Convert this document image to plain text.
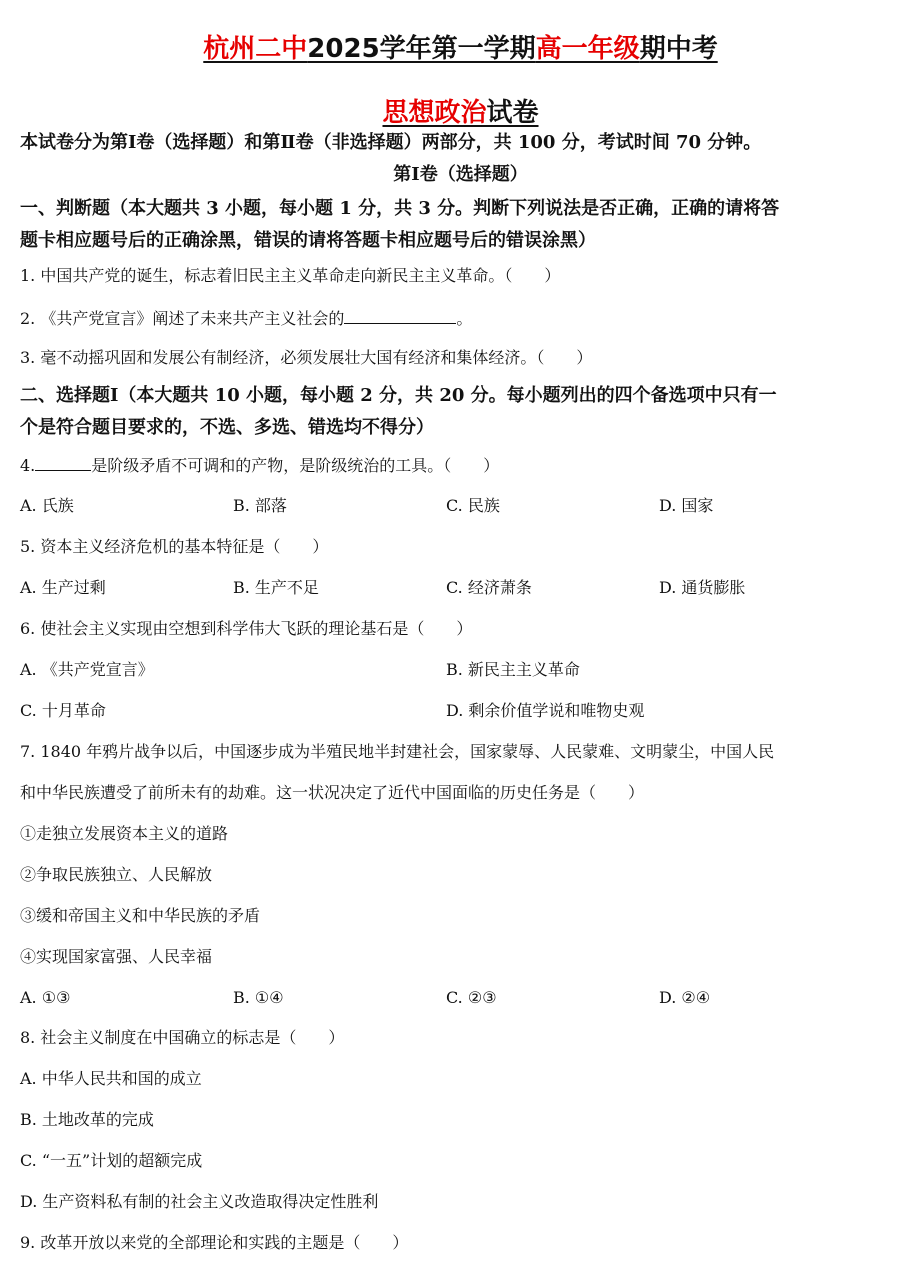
杭州二中2025学年第一学期高一年级期中考
思想政治试卷
本试卷分为第Ⅰ卷（选择题）和第Ⅱ卷（非选择题）两部分，共 100 分，考试时间 70 分钟。
第Ⅰ卷（选择题）
一、判断题（本大题共 3 小题，每小题 1 分，共 3 分。判断下列说法是否正确，正确的请将答
题卡相应题号后的正确涂黑，错误的请将答题卡相应题号后的错误涂黑）
1. 中国共产党的诞生，标志着旧民主主义革命走向新民主主义革命。（　　）
2. 《共产党宣言》阐述了未来共产主义社会的	。
3. 毫不动摇巩固和发展公有制经济，必须发展壮大国有经济和集体经济。（　　）
二、选择题Ⅰ（本大题共 10 小题，每小题 2 分，共 20 分。每小题列出的四个备选项中只有一
个是符合题目要求的，不选、多选、错选均不得分）
4.	是阶级矛盾不可调和的产物，是阶级统治的工具。（　　）
A. 氏族	B. 部落	C. 民族	D. 国家
5. 资本主义经济危机的基本特征是（　　）
A. 生产过剩	B. 生产不足	C. 经济萧条	D. 通货膨胀
6. 使社会主义实现由空想到科学伟大飞跃的理论基石是（　　）
A. 《共产党宣言》	B. 新民主主义革命
C. 十月革命	D. 剩余价值学说和唯物史观
7. 1840 年鸦片战争以后，中国逐步成为半殖民地半封建社会，国家蒙辱、人民蒙难、文明蒙尘，中国人民
和中华民族遭受了前所未有的劫难。这一状况决定了近代中国面临的历史任务是（　　）
①走独立发展资本主义的道路
②争取民族独立、人民解放
③缓和帝国主义和中华民族的矛盾
④实现国家富强、人民幸福
A. ①③	B. ①④	C. ②③	D. ②④
8. 社会主义制度在中国确立的标志是（　　）
A. 中华人民共和国的成立
B. 土地改革的完成
C. “一五”计划的超额完成
D. 生产资料私有制的社会主义改造取得决定性胜利
9. 改革开放以来党的全部理论和实践的主题是（　　）
